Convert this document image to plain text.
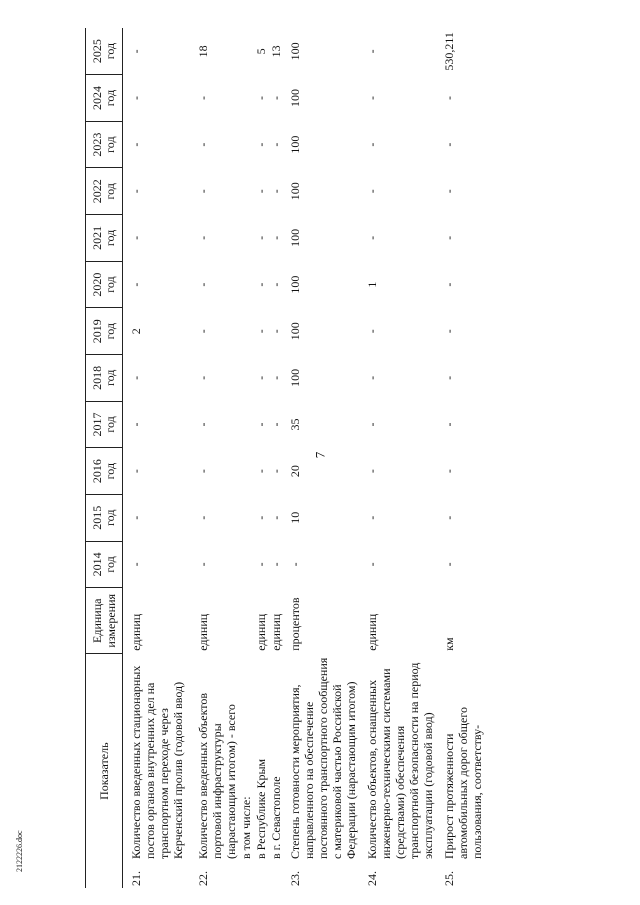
7
2122226.doc
Показатель		Единица измерения	2014 год	2015 год	2016 год	2017 год	2018 год	2019 год	2020 год	2021 год	2022 год	2023 год	2024 год	2025 год
21.	Количество введенных стационарных постов органов внутренних дел на транспортном переходе через Керченский пролив (годовой ввод)	единиц	-	-	-	-	-	2	-	-	-	-	-	-
22.	Количество введенных объектов портовой инфраструктуры (нарастающим итогом) - всего	единиц	-	-	-	-	-	-	-	-	-	-	-	18
	в том числе:													
	в Республике Крым	единиц	-	-	-	-	-	-	-	-	-	-	-	5
	в г. Севастополе	единиц	-	-	-	-	-	-	-	-	-	-	-	13
23.	Степень готовности мероприятия, направленного на обеспечение постоянного транспортного сообщения с материковой частью Российской Федерации (нарастающим итогом)	процентов	-	10	20	35	100	100	100	100	100	100	100	100
24.	Количество объектов, оснащенных инженерно-техническими системами (средствами) обеспечения транспортной безопасности на период эксплуатации (годовой ввод)	единиц	-	-	-	-	-	-	1	-	-	-	-	-
25.	Прирост протяженности автомобильных дорог общего пользования, соответству-	км	-	-	-	-	-	-	-	-	-	-	-	530,211
